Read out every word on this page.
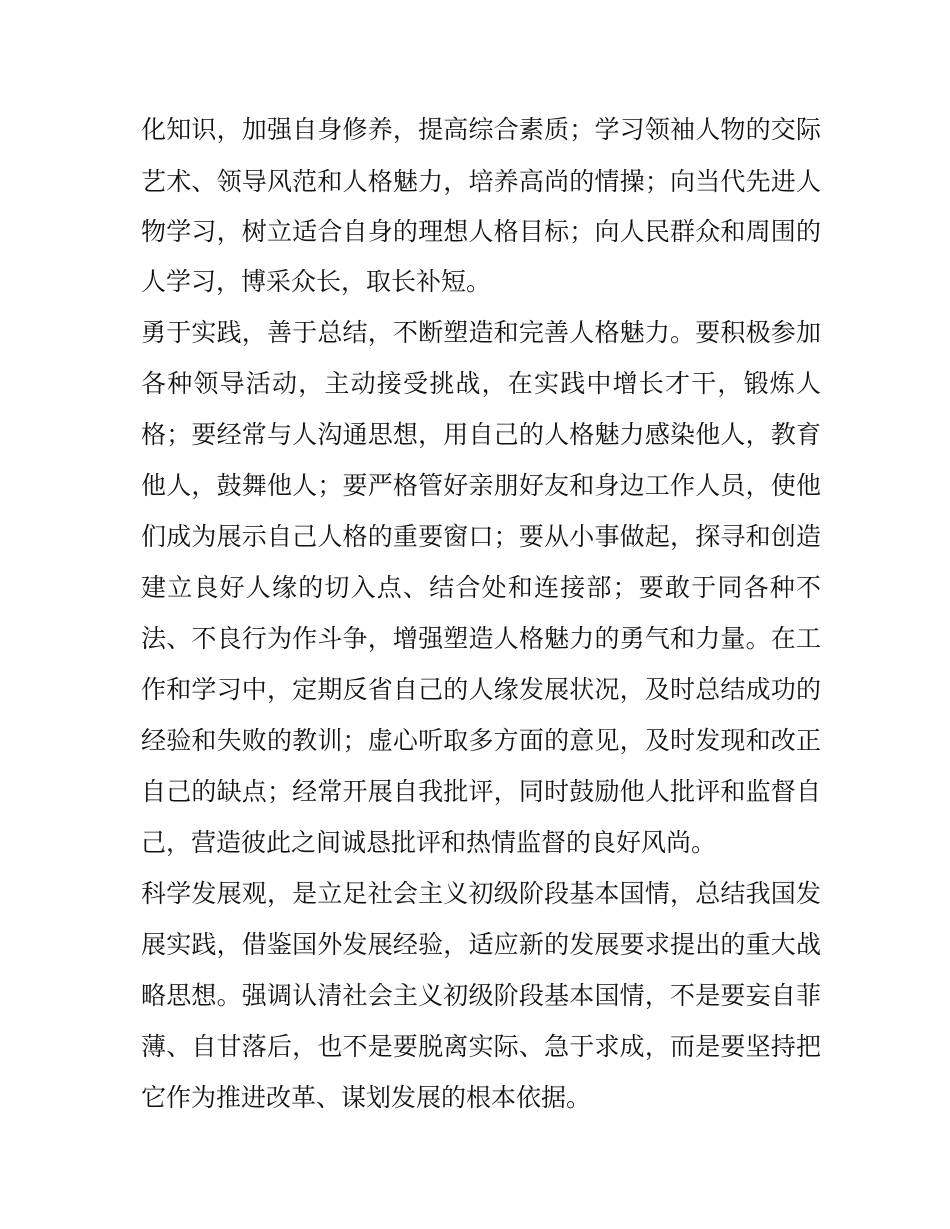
化知识，加强自身修养，提高综合素质；学习领袖人物的交际
艺术、领导风范和人格魅力，培养高尚的情操；向当代先进人
物学习，树立适合自身的理想人格目标；向人民群众和周围的
人学习，博采众长，取长补短。
勇于实践，善于总结，不断塑造和完善人格魅力。要积极参加
各种领导活动，主动接受挑战，在实践中增长才干，锻炼人
格；要经常与人沟通思想，用自己的人格魅力感染他人，教育
他人，鼓舞他人；要严格管好亲朋好友和身边工作人员，使他
们成为展示自己人格的重要窗口；要从小事做起，探寻和创造
建立良好人缘的切入点、结合处和连接部；要敢于同各种不
法、不良行为作斗争，增强塑造人格魅力的勇气和力量。在工
作和学习中，定期反省自己的人缘发展状况，及时总结成功的
经验和失败的教训；虚心听取多方面的意见，及时发现和改正
自己的缺点；经常开展自我批评，同时鼓励他人批评和监督自
己，营造彼此之间诚恳批评和热情监督的良好风尚。
科学发展观，是立足社会主义初级阶段基本国情，总结我国发
展实践，借鉴国外发展经验，适应新的发展要求提出的重大战
略思想。强调认清社会主义初级阶段基本国情，不是要妄自菲
薄、自甘落后，也不是要脱离实际、急于求成，而是要坚持把
它作为推进改革、谋划发展的根本依据。
